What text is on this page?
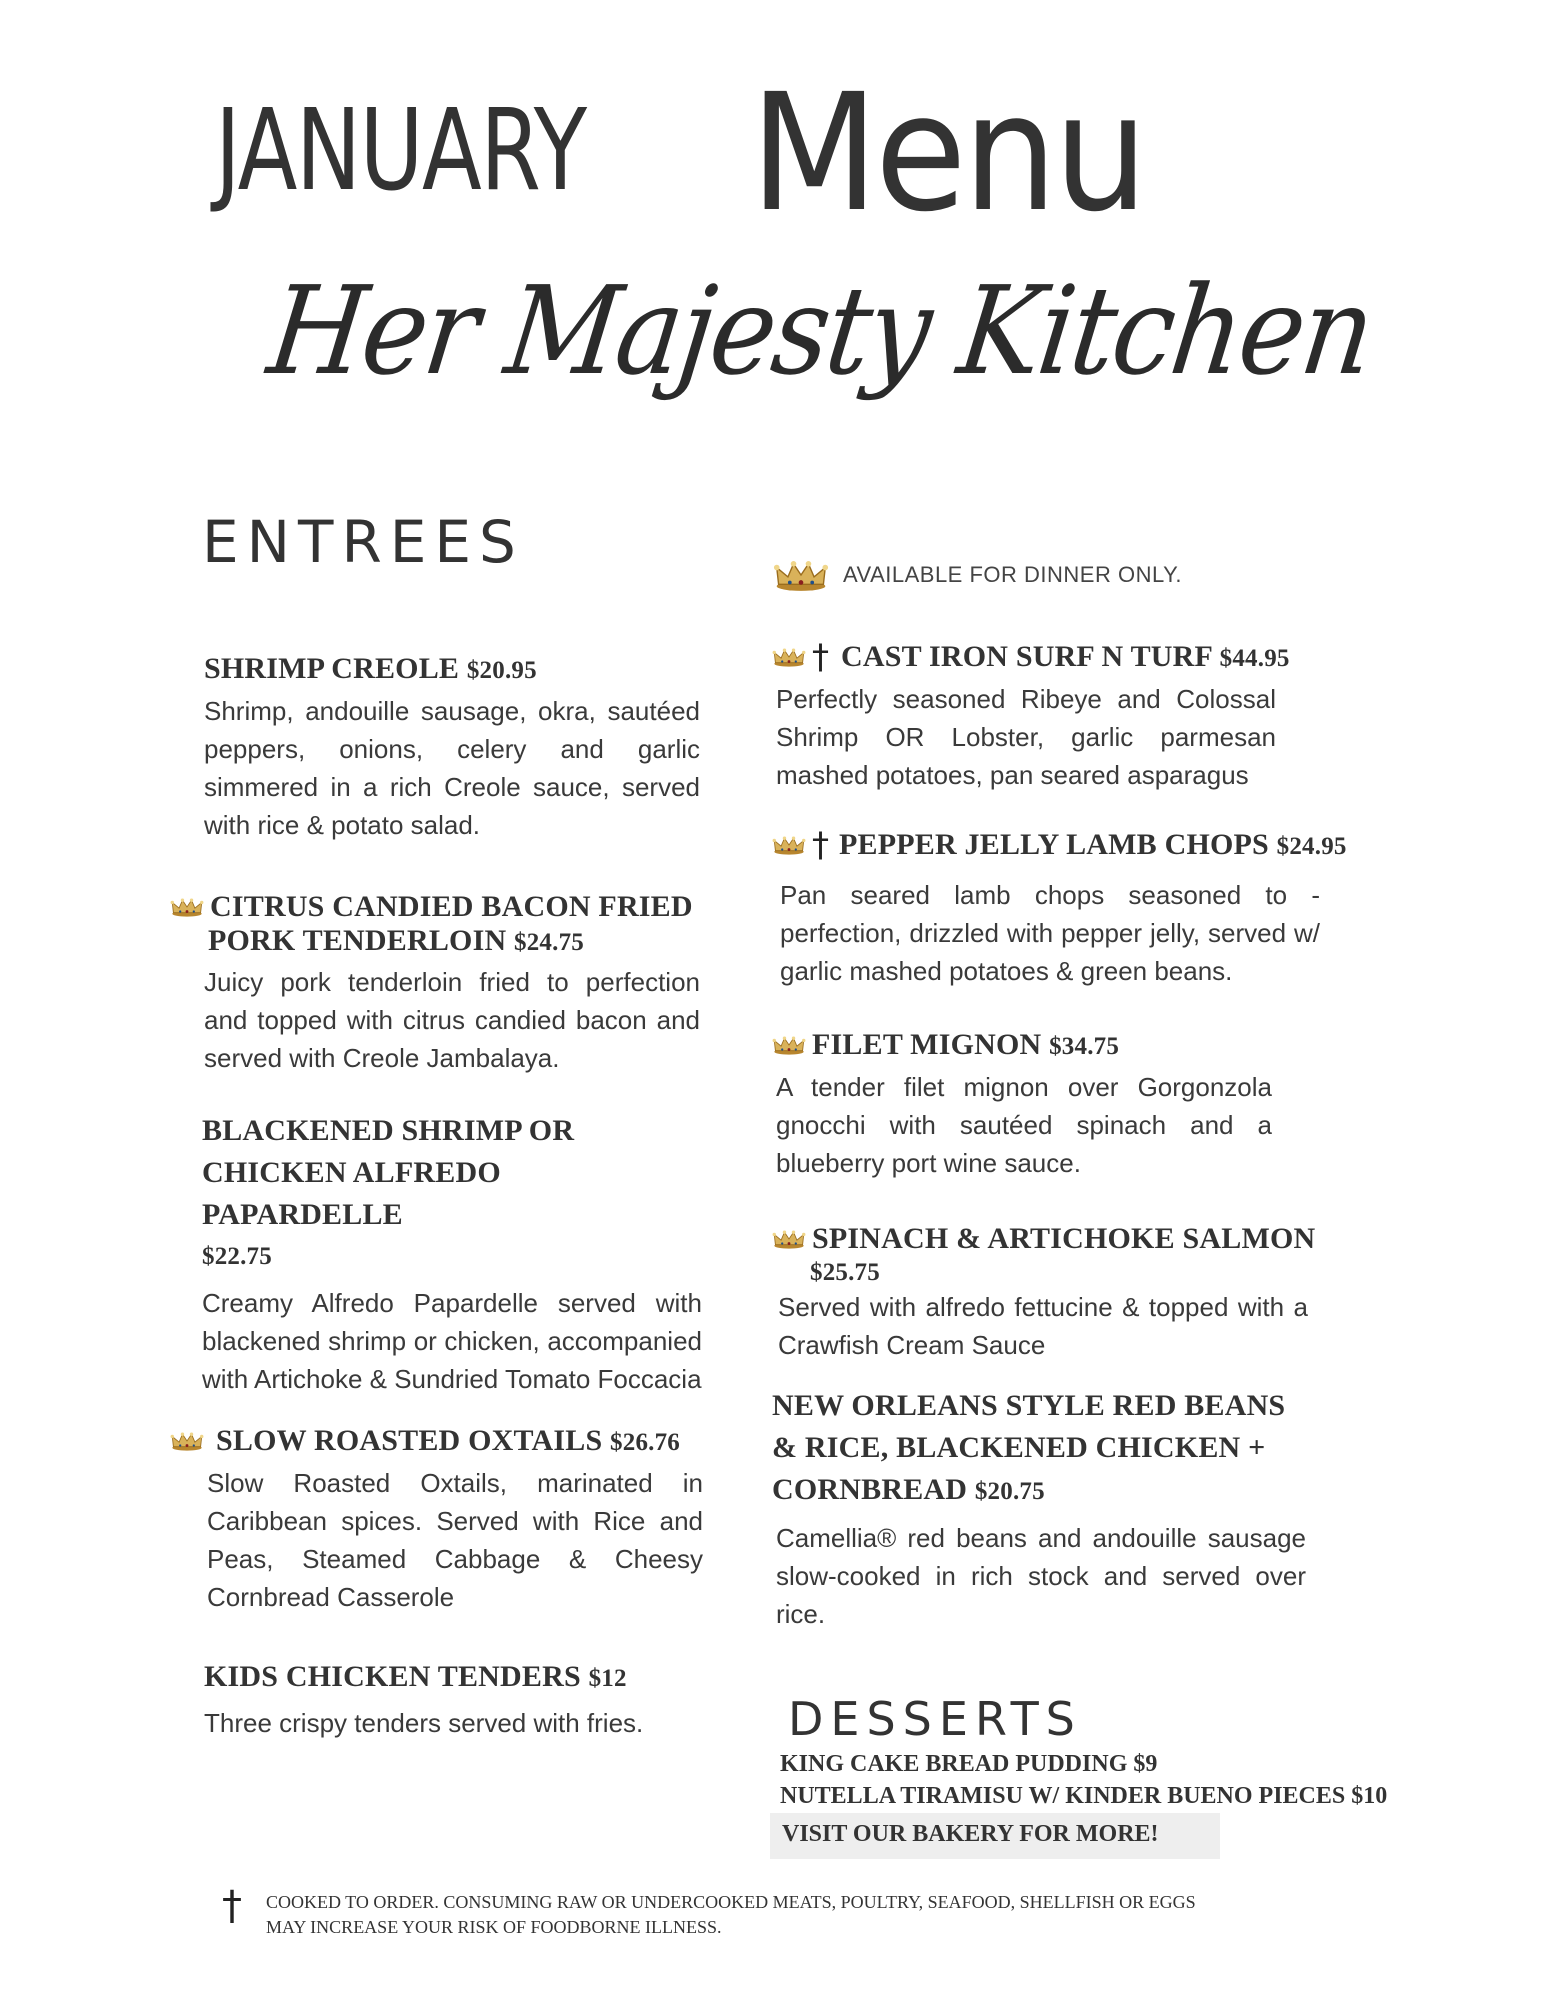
JANUARY Menu
Her Majesty Kitchen
ENTREES	AVAILABLE FOR DINNER ONLY.
SHRIMP CREOLE $20.95
Shrimp, andouille sausage, okra, sautéed peppers, onions, celery and garlic simmered in a rich Creole sauce, served with rice & potato salad.
CITRUS CANDIED BACON FRIED
PORK TENDERLOIN $24.75
Juicy pork tenderloin fried to perfection and topped with citrus candied bacon and served with Creole Jambalaya.
BLACKENED SHRIMP OR
CHICKEN ALFREDO PAPARDELLE
$22.75
Creamy Alfredo Papardelle served with blackened shrimp or chicken, accompanied with Artichoke & Sundried Tomato Foccacia
SLOW ROASTED OXTAILS $26.76
Slow Roasted Oxtails, marinated in Caribbean spices. Served with Rice and Peas, Steamed Cabbage & Cheesy Cornbread Casserole
KIDS CHICKEN TENDERS $12
Three crispy tenders served with fries.
† CAST IRON SURF N TURF $44.95
Perfectly seasoned Ribeye and Colossal Shrimp OR Lobster, garlic parmesan mashed potatoes, pan seared asparagus
† PEPPER JELLY LAMB CHOPS $24.95
Pan seared lamb chops seasoned to - perfection, drizzled with pepper jelly, served w/ garlic mashed potatoes & green beans.
FILET MIGNON $34.75
A tender filet mignon over Gorgonzola gnocchi with sautéed spinach and a blueberry port wine sauce.
SPINACH & ARTICHOKE SALMON
$25.75
Served with alfredo fettucine & topped with a Crawfish Cream Sauce
NEW ORLEANS STYLE RED BEANS
& RICE, BLACKENED CHICKEN +
CORNBREAD $20.75
Camellia® red beans and andouille sausage slow-cooked in rich stock and served over rice.
DESSERTS
KING CAKE BREAD PUDDING $9
NUTELLA TIRAMISU W/ KINDER BUENO PIECES $10
VISIT OUR BAKERY FOR MORE!
† COOKED TO ORDER. CONSUMING RAW OR UNDERCOOKED MEATS, POULTRY, SEAFOOD, SHELLFISH OR EGGS
MAY INCREASE YOUR RISK OF FOODBORNE ILLNESS.
